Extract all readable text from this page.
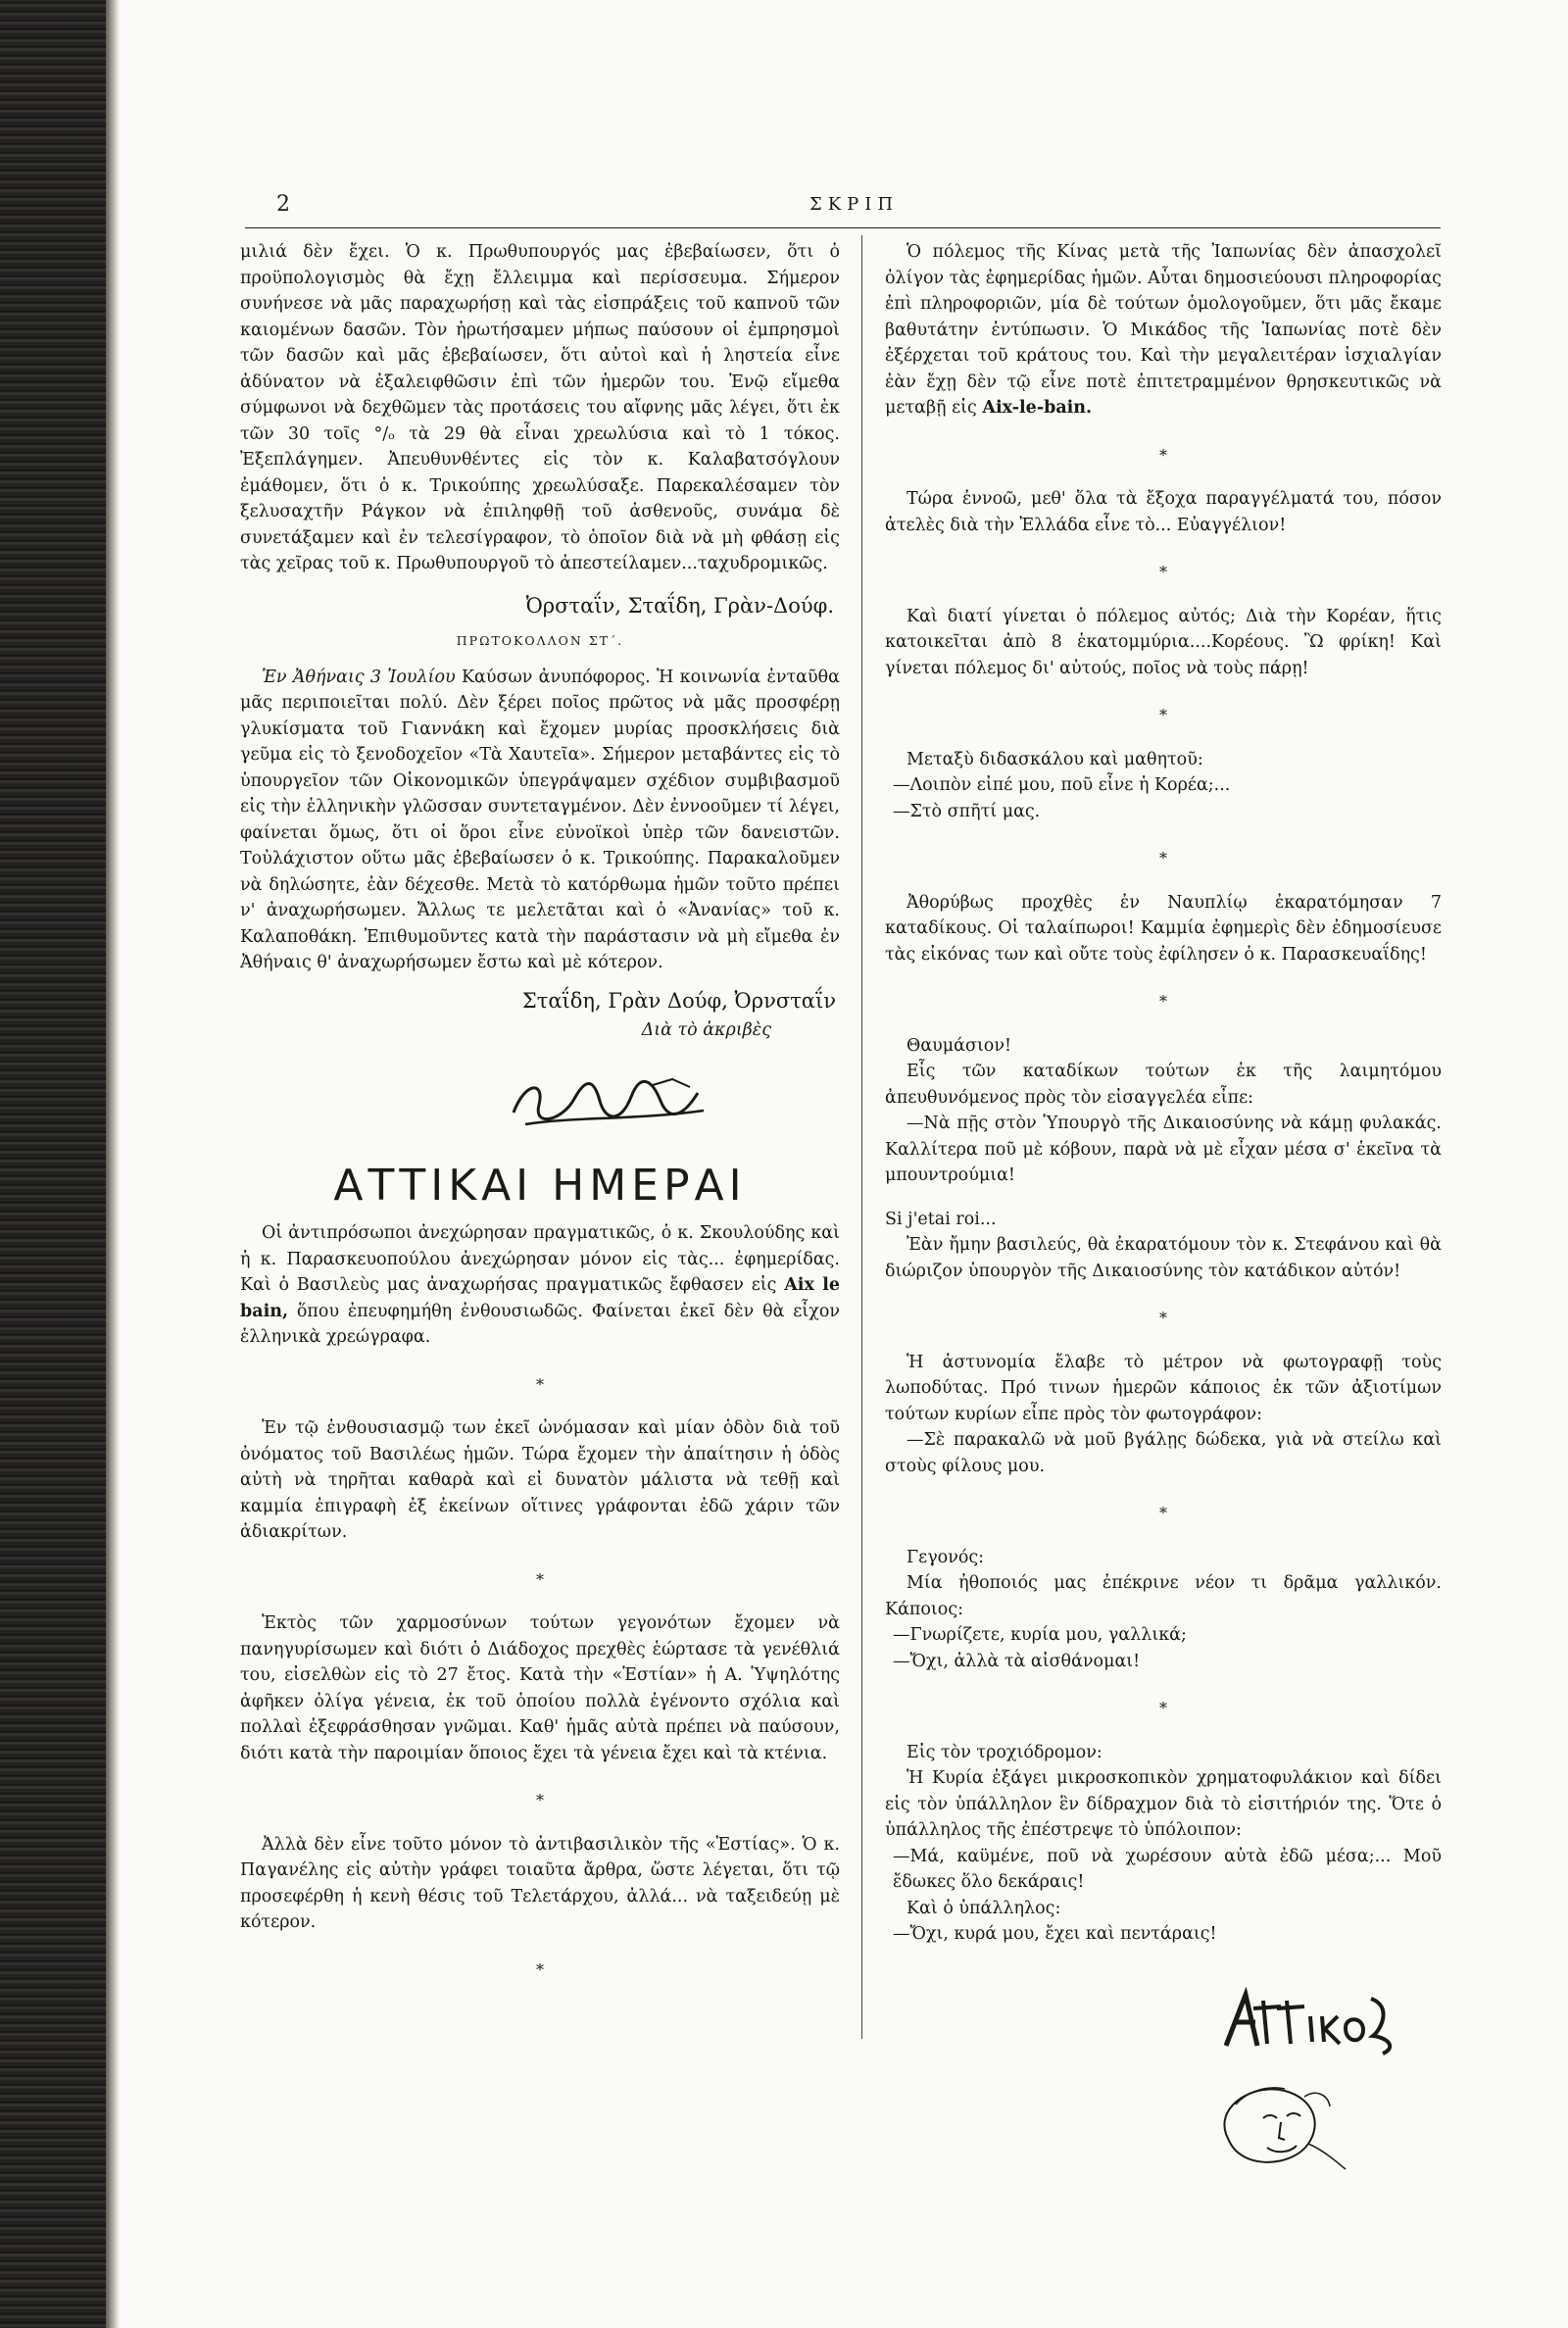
2	ΣΚΡΙΠ

μιλιά δὲν ἔχει. Ὁ κ. Πρωθυπουργός μας ἐβεβαίωσεν, ὅτι ὁ προϋπολογισμὸς θὰ ἔχῃ ἔλλειμμα καὶ περίσσευμα. Σήμερον συνήνεσε νὰ μᾶς παραχωρήσῃ καὶ τὰς εἰσπράξεις τοῦ καπνοῦ τῶν καιομένων δασῶν. Τὸν ἠρωτήσαμεν μήπως παύσουν οἱ ἐμπρησμοὶ τῶν δασῶν καὶ μᾶς ἐβεβαίωσεν, ὅτι αὐτοὶ καὶ ἡ ληστεία εἶνε ἀδύνατον νὰ ἐξαλειφθῶσιν ἐπὶ τῶν ἡμερῶν του. Ἐνῷ εἴμεθα σύμφωνοι νὰ δεχθῶμεν τὰς προτάσεις του αἴφνης μᾶς λέγει, ὅτι ἐκ τῶν 30 τοῖς °/ₒ τὰ 29 θὰ εἶναι χρεωλύσια καὶ τὸ 1 τόκος. Ἐξεπλάγημεν. Ἀπευθυνθέντες εἰς τὸν κ. Καλαβατσόγλουν ἐμάθομεν, ὅτι ὁ κ. Τρικούπης χρεωλύσαξε. Παρεκαλέσαμεν τὸν ξελυσαχτῆν Ράγκον νὰ ἐπιληφθῇ τοῦ ἀσθενοῦς, συνάμα δὲ συνετάξαμεν καὶ ἐν τελεσίγραφον, τὸ ὁποῖον διὰ νὰ μὴ φθάσῃ εἰς τὰς χεῖρας τοῦ κ. Πρωθυπουργοῦ τὸ ἀπεστείλαμεν...ταχυδρομικῶς.

Ὀρσταΐν, Σταΐδη, Γρὰν-Δούφ.

ΠΡΩΤΟΚΟΛΛΟΝ ΣΤ΄.

Ἐν Ἀθήναις 3 Ἰουλίου Καύσων ἀνυπόφορος. Ἡ κοινωνία ἐνταῦθα μᾶς περιποιεῖται πολύ. Δὲν ξέρει ποῖος πρῶτος νὰ μᾶς προσφέρῃ γλυκίσματα τοῦ Γιαννάκη καὶ ἔχομεν μυρίας προσκλήσεις διὰ γεῦμα εἰς τὸ ξενοδοχεῖον «Τὰ Χαυτεῖα». Σήμερον μεταβάντες εἰς τὸ ὑπουργεῖον τῶν Οἰκονομικῶν ὑπεγράψαμεν σχέδιον συμβιβασμοῦ εἰς τὴν ἑλληνικὴν γλῶσσαν συντεταγμένον. Δὲν ἐννοοῦμεν τί λέγει, φαίνεται ὅμως, ὅτι οἱ ὅροι εἶνε εὐνοϊκοὶ ὑπὲρ τῶν δανειστῶν. Τοὐλάχιστον οὕτω μᾶς ἐβεβαίωσεν ὁ κ. Τρικούπης. Παρακαλοῦμεν νὰ δηλώσητε, ἐὰν δέχεσθε. Μετὰ τὸ κατόρθωμα ἡμῶν τοῦτο πρέπει ν' ἀναχωρήσωμεν. Ἄλλως τε μελετᾶται καὶ ὁ «Ἀνανίας» τοῦ κ. Καλαποθάκη. Ἐπιθυμοῦντες κατὰ τὴν παράστασιν νὰ μὴ εἴμεθα ἐν Ἀθήναις θ' ἀναχωρήσωμεν ἔστω καὶ μὲ κότερον.

Σταΐδη, Γρὰν Δούφ, Ὀρνσταΐν

Διὰ τὸ ἀκριβὲς

ΑΤΤΙΚΑΙ ΗΜΕΡΑΙ

Οἱ ἀντιπρόσωποι ἀνεχώρησαν πραγματικῶς, ὁ κ. Σκουλούδης καὶ ἡ κ. Παρασκευοπούλου ἀνεχώρησαν μόνον εἰς τὰς... ἐφημερίδας. Καὶ ὁ Βασιλεὺς μας ἀναχωρήσας πραγματικῶς ἔφθασεν εἰς Aix le bain, ὅπου ἐπευφημήθη ἐνθουσιωδῶς. Φαίνεται ἐκεῖ δὲν θὰ εἶχον ἑλληνικὰ χρεώγραφα.

*

Ἐν τῷ ἐνθουσιασμῷ των ἐκεῖ ὠνόμασαν καὶ μίαν ὁδὸν διὰ τοῦ ὀνόματος τοῦ Βασιλέως ἡμῶν. Τώρα ἔχομεν τὴν ἀπαίτησιν ἡ ὁδὸς αὐτὴ νὰ τηρῆται καθαρὰ καὶ εἰ δυνατὸν μάλιστα νὰ τεθῇ καὶ καμμία ἐπιγραφὴ ἐξ ἐκείνων οἵτινες γράφονται ἐδῶ χάριν τῶν ἀδιακρίτων.

*

Ἐκτὸς τῶν χαρμοσύνων τούτων γεγονότων ἔχομεν νὰ πανηγυρίσωμεν καὶ διότι ὁ Διάδοχος πρεχθὲς ἑώρτασε τὰ γενέθλιά του, εἰσελθὼν εἰς τὸ 27 ἔτος. Κατὰ τὴν «Ἑστίαν» ἡ Α. Ὑψηλότης ἀφῆκεν ὀλίγα γένεια, ἐκ τοῦ ὁποίου πολλὰ ἐγένοντο σχόλια καὶ πολλαὶ ἐξεφράσθησαν γνῶμαι. Καθ' ἡμᾶς αὐτὰ πρέπει νὰ παύσουν, διότι κατὰ τὴν παροιμίαν ὅποιος ἔχει τὰ γένεια ἔχει καὶ τὰ κτένια.

*

Ἀλλὰ δὲν εἶνε τοῦτο μόνον τὸ ἀντιβασιλικὸν τῆς «Ἑστίας». Ὁ κ. Παγανέλης εἰς αὐτὴν γράφει τοιαῦτα ἄρθρα, ὥστε λέγεται, ὅτι τῷ προσεφέρθη ἡ κενὴ θέσις τοῦ Τελετάρχου, ἀλλά... νὰ ταξειδεύῃ μὲ κότερον.

*

Ὁ πόλεμος τῆς Κίνας μετὰ τῆς Ἰαπωνίας δὲν ἀπασχολεῖ ὀλίγον τὰς ἐφημερίδας ἡμῶν. Αὗται δημοσιεύουσι πληροφορίας ἐπὶ πληροφοριῶν, μία δὲ τούτων ὁμολογοῦμεν, ὅτι μᾶς ἔκαμε βαθυτάτην ἐντύπωσιν. Ὁ Μικάδος τῆς Ἰαπωνίας ποτὲ δὲν ἐξέρχεται τοῦ κράτους του. Καὶ τὴν μεγαλειτέραν ἰσχιαλγίαν ἐὰν ἔχῃ δὲν τῷ εἶνε ποτὲ ἐπιτετραμμένον θρησκευτικῶς νὰ μεταβῇ εἰς Aix-le-bain.

*

Τώρα ἐννοῶ, μεθ' ὅλα τὰ ἔξοχα παραγγέλματά του, πόσον ἀτελὲς διὰ τὴν Ἑλλάδα εἶνε τὸ... Εὐαγγέλιον!

*

Καὶ διατί γίνεται ὁ πόλεμος αὐτός; Διὰ τὴν Κορέαν, ἥτις κατοικεῖται ἀπὸ 8 ἑκατομμύρια....Κορέους. Ὢ φρίκη! Καὶ γίνεται πόλεμος δι' αὐτούς, ποῖος νὰ τοὺς πάρῃ!

*

Μεταξὺ διδασκάλου καὶ μαθητοῦ:

—Λοιπὸν εἰπέ μου, ποῦ εἶνε ἡ Κορέα;...

—Στὸ σπῆτί μας.

*

Ἀθορύβως προχθὲς ἐν Ναυπλίῳ ἐκαρατόμησαν 7 καταδίκους. Οἱ ταλαίπωροι! Καμμία ἐφημερὶς δὲν ἐδημοσίευσε τὰς εἰκόνας των καὶ οὔτε τοὺς ἐφίλησεν ὁ κ. Παρασκευαΐδης!

*

Θαυμάσιον!

Εἷς τῶν καταδίκων τούτων ἐκ τῆς λαιμητόμου ἀπευθυνόμενος πρὸς τὸν εἰσαγγελέα εἶπε:

—Νὰ πῇς στὸν Ὑπουργὸ τῆς Δικαιοσύνης νὰ κάμῃ φυλακάς. Καλλίτερα ποῦ μὲ κόβουν, παρὰ νὰ μὲ εἶχαν μέσα σ' ἐκεῖνα τὰ μπουντρούμια!

Si j'etai roi...

Ἐὰν ἤμην βασιλεύς, θὰ ἐκαρατόμουν τὸν κ. Στεφάνου καὶ θὰ διώριζον ὑπουργὸν τῆς Δικαιοσύνης τὸν κατάδικον αὐτόν!

*

Ἡ ἀστυνομία ἔλαβε τὸ μέτρον νὰ φωτογραφῇ τοὺς λωποδύτας. Πρό τινων ἡμερῶν κάποιος ἐκ τῶν ἀξιοτίμων τούτων κυρίων εἶπε πρὸς τὸν φωτογράφον:

—Σὲ παρακαλῶ νὰ μοῦ βγάλῃς δώδεκα, γιὰ νὰ στείλω καὶ στοὺς φίλους μου.

*

Γεγονός:

Μία ἠθοποιός μας ἐπέκρινε νέον τι δρᾶμα γαλλικόν. Κάποιος:

—Γνωρίζετε, κυρία μου, γαλλικά;

—Ὄχι, ἀλλὰ τὰ αἰσθάνομαι!

*

Εἰς τὸν τροχιόδρομον:

Ἡ Κυρία ἐξάγει μικροσκοπικὸν χρηματοφυλάκιον καὶ δίδει εἰς τὸν ὑπάλληλον ἓν δίδραχμον διὰ τὸ εἰσιτήριόν της. Ὅτε ὁ ὑπάλληλος τῆς ἐπέστρεψε τὸ ὑπόλοιπον:

—Μά, καϋμένε, ποῦ νὰ χωρέσουν αὐτὰ ἐδῶ μέσα;... Μοῦ ἔδωκες ὅλο δεκάραις!

Καὶ ὁ ὑπάλληλος:

—Ὄχι, κυρά μου, ἔχει καὶ πεντάραις!
